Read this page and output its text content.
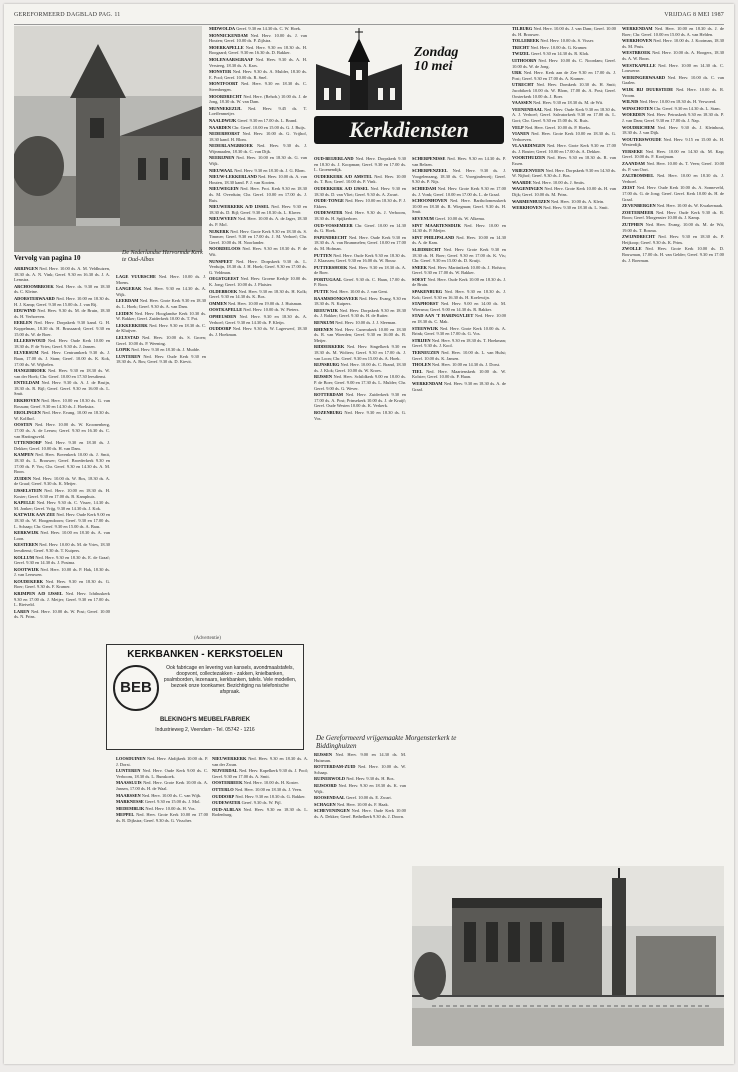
GEREFORMEERD DAGBLAD PAG. 11	VRIJDAG 8 MEI 1987
De Nederlandse Hervormde Kerk te Oud-Albas
Vervolg van pagina 10

ARRINGEN Ned. Herv. 10.00 ds. A. M. Veldhuizen, 18.30 ds. A. N. Vink; Geref. 9.30 en 16.30 ds. J. A. Lemstra.

ARCHOOMBROEK Ned. Herv. ds. 9.30 en 18.30 ds. C. Kleine.

ADORSTERWAARD Ned. Herv. 10.00 en 18.30 ds. H. J. Kamp; Geref. 9.30 en 15.00 ds. J. van Rij.

EDUWIND Ned. Herv. 9.30 ds. M. de Bruin, 18.30 ds. H. Verhoeven.

EERLEN Ned. Herv. Dorpskerk 9.30 kand. G. H. Koppelman, 18.30 ds. H. Brussaard; Geref. 9.30 en 15.00 ds. W. de Boer.

ELLERSWOUD Ned. Herv. Oude Kerk 10.00 en 18.30 ds. P. de Vries; Geref. 9.30 ds. J. Jansen.

ELVERSUM Ned. Herv. Centrumkerk 9.30 ds. J. Baan, 17.00 ds. J. Stam; Geref. 10.00 ds. K. Kok, 17.00 ds. W. Wijbelen.

HANGEBROEK Ned. Herv. 9.30 en 18.30 ds. W. van der Hoek; Chr. Geref. 10.00 en 17.30 leesdienst.

ENTELDAM Ned. Herv. 9.30 ds. A. J. de Bruijn, 18.30 ds. R. Bijl; Geref. Geref. 9.30 en 16.00 ds. L. Smit.

ERKHOVEN Ned. Herv. 10.00 en 18.30 ds. G. van Rossum; Geref. 9.30 en 14.30 ds. J. Hoekstra.

EROLINGEN Ned. Herv. Evang. 10.00 en 18.30 ds. W. Kolfhof.

OOSTEN Ned. Herv. 10.00 ds. W. Kroonenberg, 17.00 ds. A. de Leeuw; Geref. 9.30 en 16.30 ds. C. van Hartingsveld.

UTTENDORP Ned. Herv. 9.30 en 18.30 ds. J. Dekker; Geref. 10.00 ds. H. van Dam.

KAMPEN Ned. Herv. Bovenkerk 10.00 ds. J. Smit, 18.30 ds. L. Brouwer; Geref. Broederkerk 9.30 en 17.00 ds. P. Vos; Chr. Geref. 9.30 en 14.30 ds. A. M. Boon.

ZUIDEN Ned. Herv. 10.00 ds. W. Bos, 18.30 ds. A. de Graaf; Geref. 9.30 ds. K. Meijer.

IJSSELSTEIN Ned. Herv. 10.00 en 18.30 ds. H. Koster; Geref. 9.30 en 17.00 ds. B. Kamphuis.

KAPELLE Ned. Herv. 9.30 ds. C. Visser, 14.30 ds. M. Jonker; Geref. Vrijg. 9.30 en 14.30 ds. J. Kok.

KATWIJK AAN ZEE Ned. Herv. Oude Kerk 9.00 en 18.30 ds. W. Hoogendoorn; Geref. 9.30 en 17.00 ds. L. Schaap; Chr. Geref. 9.30 en 15.00 ds. A. Baas.

KERKWIJK Ned. Herv. 10.00 en 18.30 ds. A. van Loon.

KESTEREN Ned. Herv. 10.00 ds. M. de Vries, 18.30 leesdienst; Geref. 9.30 ds. T. Kuipers.

KOLLUM Ned. Herv. 9.30 en 18.30 ds. E. de Graaf; Geref. 9.30 en 14.30 ds. J. Postma.

KOOTWIJK Ned. Herv. 10.00 ds. P. Hak, 18.30 ds. J. van Leeuwen.

KOUDEKERK Ned. Herv. 9.30 en 18.30 ds. G. Boer; Geref. 9.30 ds. F. Kramer.

KRIMPEN A/D IJSSEL Ned. Herv. Ichthuskerk 9.30 en 17.00 ds. J. Meijer; Geref. 9.30 en 17.00 ds. L. Rietveld.

LAREN Ned. Herv. 10.00 ds. W. Post; Geref. 10.00 ds. N. Prins.

LAGE VUURSCHE Ned. Herv. 10.00 ds. J. Moens.

LANGERAK Ned. Herv. 9.30 en 14.30 ds. A. Wijk.

LEERDAM Ned. Herv. Grote Kerk 9.30 en 18.30 ds. L. Hoek; Geref. 9.30 ds. A. van Dam.

LEIDEN Ned. Herv. Hooglandse Kerk 10.30 ds. W. Bakker; Geref. Zuiderkerk 10.00 ds. T. Pot.

LEKKERKERK Ned. Herv. 9.30 en 18.30 ds. C. de Kluijver.

LELYSTAD Ned. Herv. 10.00 ds. S. Groen; Geref. 10.00 ds. P. Weening.

LOPIK Ned. Herv. 9.30 en 18.30 ds. J. Mudde.

LUNTEREN Ned. Herv. Oude Kerk 9.30 en 18.30 ds. A. Bos; Geref. 9.30 ds. D. Kievit.

MIDWOLDA Geref. 9.30 en 14.30 ds. C. W. Hoek.

MONNICKENDAM Ned. Herv. 10.00 ds. J. van Houten; Geref. 10.00 ds. P. Zijlstra.

MOERKAPELLE Ned. Herv. 9.30 en 18.30 ds. H. Boogaard; Geref. 9.30 en 16.30 ds. D. Bakker.

MOLENAARSGRAAF Ned. Herv. 9.30 ds. A. H. Versteeg, 18.30 ds. A. Kars.

MONSTER Ned. Herv. 9.30 ds. A. Mulder, 18.30 ds. E. Pool; Geref. 10.00 ds. R. Snel.

MONTFOORT Ned. Herv. 9.30 en 18.30 ds. C. Steenbergen.

MOORDRECHT Ned. Herv. (Rehob.) 10.00 ds. J. de Jong, 18.30 ds. W. van Dam.

MUNNEKEZIJL Ned. Herv. 9.45 ds. T. Loeffenmeijer.

NAALDWIJK Geref. 9.30 en 17.00 ds. L. Brand.

NAARDEN Chr. Geref. 10.00 en 15.00 ds. G. J. Buijs.

NEDERHORST Ned. Herv. 10.00 ds. G. Vrijhof, 18.30 kand. H. Blom.

NEDERLANGBROEK Ned. Herv. 9.30 ds. J. Wijnmaalen, 18.30 ds. C. van Dijk.

NEERIJNEN Ned. Herv. 10.00 en 18.30 ds. G. van Wijk.

NIEUWAAL Ned. Herv. 9.30 en 18.30 ds. J. G. Blom.

NIEUW-LEKKERLAND Ned. Herv. 10.00 ds. A. van Houten, 18.30 kand. P. J. van Kooten.

NIEUWEGEIN Ned. Herv. Prot. Kerk 9.30 en 18.30 ds. M. Overduin; Chr. Geref. 10.00 en 17.00 ds. J. Ruis.

NIEUWERKERK A/D IJSSEL Ned. Herv. 9.30 en 18.30 ds. D. Bijl; Geref. 9.30 en 18.30 ds. L. Klaver.

NIEUWVEEN Ned. Herv. 10.00 ds. A. de Jager, 18.30 ds. P. Mol.

NIJKERK Ned. Herv. Grote Kerk 9.30 en 18.30 ds. S. Timmer; Geref. 9.30 en 17.00 ds. J. M. Verhoef; Chr. Geref. 10.00 ds. H. Noorlander.

NOORDELOOS Ned. Herv. 9.30 en 18.30 ds. P. de Wit.

NUNSPEET Ned. Herv. Dorpskerk 9.30 ds. L. Verduijn, 18.30 ds. J. H. Hoek; Geref. 9.30 en 17.00 ds. G. Veldman.

OEGSTGEEST Ned. Herv. Groene Kerkje 10.00 ds. K. Jong; Geref. 10.00 ds. J. Plaisier.

OLDEBROEK Ned. Herv. 9.30 en 18.30 ds. H. Kolk; Geref. 9.30 en 14.30 ds. K. Bos.

OMMEN Ned. Herv. 10.00 en 19.00 ds. J. Huisman.

OOSTKAPELLE Ned. Herv. 10.00 ds. W. Pieters.

OPHEUSDEN Ned. Herv. 9.30 en 18.30 ds. A. Verhoef; Geref. 9.30 en 14.30 ds. P. Kleijn.

OUDDORP Ned. Herv. 9.30 ds. W. Lagerwerf, 18.30 ds. J. Hoekman.

Zondag
10 mei
Kerkdiensten

OUD-BEIJERLAND Ned. Herv. Dorpskerk 9.30 en 18.30 ds. J. Koopman; Geref. 9.30 en 17.00 ds. L. Groenendijk.

OUDERKERK A/D AMSTEL Ned. Herv. 10.00 ds. T. Bos; Geref. 10.00 ds. P. Vink.

OUDERKERK A/D IJSSEL Ned. Herv. 9.30 en 18.30 ds. D. van Vliet; Geref. 9.30 ds. A. Zwart.

OUDE-TONGE Ned. Herv. 10.00 en 18.30 ds. P. J. Ekkers.

OUDEWATER Ned. Herv. 9.30 ds. J. Verboom, 18.30 ds. H. Spijkerboer.

OUD-VOSSEMEER Chr. Geref. 10.00 en 14.30 ds. G. Hoek.

PAPENDRECHT Ned. Herv. Oude Kerk 9.30 en 18.30 ds. A. van Brummelen; Geref. 10.00 en 17.00 ds. M. Hofman.

PUTTEN Ned. Herv. Oude Kerk 9.30 en 18.30 ds. J. Klaassen; Geref. 9.30 en 16.00 ds. W. Bouw.

PUTTERSHOEK Ned. Herv. 9.30 en 18.30 ds. A. de Boer.

PORTUGAAL Geref. 9.30 ds. C. Haan, 17.00 ds. P. Roos.

PUTTE Ned. Herv. 10.00 ds. J. van Gent.

RAAMSDONKSVEER Ned. Herv. Evang. 9.30 en 18.30 ds. N. Kuipers.

REEUWIJK Ned. Herv. Dorpskerk 9.30 en 18.30 ds. J. Bakker; Geref. 9.30 ds. H. de Ruiter.

RENKUM Ned. Herv. 10.00 ds. J. J. Sleeman.

RHENEN Ned. Herv. Cunerakerk 10.00 en 18.30 ds. R. van Woerden; Geref. 9.30 en 16.00 ds. B. Meijer.

RIDDERKERK Ned. Herv. Singelkerk 9.30 en 18.30 ds. M. Wolters; Geref. 9.30 en 17.00 ds. J. van Loon; Chr. Geref. 9.30 en 15.00 ds. A. Hoek.

RIJNSBURG Ned. Herv. 10.00 ds. C. Brand, 18.30 ds. J. Klok; Geref. 10.00 ds. W. Kroes.

RIJSSEN Ned. Herv. Schildkerk 9.00 en 18.00 ds. P. de Boer; Geref. 9.00 en 17.30 ds. L. Mulder; Chr. Geref. 9.00 ds. G. Wever.

ROTTERDAM Ned. Herv. Zuiderkerk 9.30 en 17.00 ds. A. Post; Prinsekerk 10.00 ds. J. de Kruijf; Geref. Oude Westen 10.00 ds. K. Verkerk.

ROZENBURG Ned. Herv. 9.30 en 18.30 ds. G. Vos.

SCHERPENISSE Ned. Herv. 9.30 en 14.30 ds. P. van Belzen.

SCHERPENZEEL Ned. Herv. 9.30 ds. J. Voogelenzang, 18.30 ds. C. Vroegindeweij; Geref. 9.30 ds. P. Nijs.

SCHIEDAM Ned. Herv. Grote Kerk 9.30 en 17.00 ds. J. Vonk; Geref. 10.00 en 17.00 ds. L. de Graaf.

SCHOONHOVEN Ned. Herv. Bartholomeuskerk 10.00 en 18.30 ds. R. Wiegman; Geref. 9.30 ds. H. Smit.

SEVENUM Geref. 10.00 ds. W. Alkema.

SINT MAARTENSDIJK Ned. Herv. 10.00 en 14.30 ds. P. Meijer.

SINT PHILIPSLAND Ned. Herv. 10.00 en 14.30 ds. A. de Kam.

SLIEDRECHT Ned. Herv. Grote Kerk 9.30 en 18.30 ds. H. Boer; Geref. 9.30 en 17.00 ds. K. Vis; Chr. Geref. 9.30 en 15.00 ds. D. Kruijt.

SNEEK Ned. Herv. Martinikerk 10.00 ds. J. Hofstra; Geref. 9.30 en 17.00 ds. W. Bakker.

SOEST Ned. Herv. Oude Kerk 10.00 en 18.30 ds. J. de Bruin.

SPAKENBURG Ned. Herv. 9.30 en 18.30 ds. J. Kok; Geref. 9.30 en 16.30 ds. H. Koelewijn.

STAPHORST Ned. Herv. 9.00 en 14.00 ds. M. Wiersma; Geref. 9.00 en 14.30 ds. R. Bakker.

STAD AAN 'T HARINGVLIET Ned. Herv. 10.00 en 18.30 ds. C. Mak.

STEENWIJK Ned. Herv. Grote Kerk 10.00 ds. A. Brink; Geref. 9.30 en 17.00 ds. G. Vos.

STRIJEN Ned. Herv. 9.30 en 18.30 ds. T. Hoekman; Geref. 9.30 ds. J. Kool.

TERNEUZEN Ned. Herv. 10.00 ds. L. van Hulst; Geref. 10.00 ds. K. Jansen.

THOLEN Ned. Herv. 10.00 en 14.30 ds. J. Dorst.

TIEL Ned. Herv. Maartenskerk 10.00 ds. W. Kolster; Geref. 10.00 ds. P. Haan.

WERKENDAM Ned. Herv. 9.30 en 18.30 ds. A. de Graaf.

TILBURG Ned. Herv. 10.00 ds. J. van Dam; Geref. 10.00 ds. H. Brouwer.

TOLLEBEEK Ned. Herv. 10.00 ds. S. Visser.

TRICHT Ned. Herv. 10.00 ds. G. Kramer.

TWIZEL Geref. 9.30 en 14.30 ds. R. Klok.

UITHOORN Ned. Herv. 10.00 ds. C. Noordam; Geref. 10.00 ds. W. de Jong.

URK Ned. Herv. Kerk aan de Zee 9.30 en 17.00 ds. J. Post; Geref. 9.30 en 17.00 ds. A. Kramer.

UTRECHT Ned. Herv. Domkerk 10.30 ds. H. Smit; Jacobikerk 10.00 ds. W. Blom, 17.00 ds. A. Post; Geref. Oosterkerk 10.00 ds. J. Boer.

VAASSEN Ned. Herv. 9.30 en 18.30 ds. M. de Wit.

VEENENDAAL Ned. Herv. Oude Kerk 9.30 en 18.30 ds. A. J. Verhoef; Geref. Salvatorkerk 9.30 en 17.00 ds. L. Gort; Chr. Geref. 9.30 en 15.00 ds. K. Ruis.

VELP Ned. Herv. Geref. 10.00 ds. P. Hoeks.

VIANEN Ned. Herv. Grote Kerk 10.00 en 18.30 ds. G. Verhoeven.

VLAARDINGEN Ned. Herv. Grote Kerk 9.30 en 17.00 ds. J. Bouter; Geref. 10.00 en 17.00 ds. A. Dekker.

VOORTHUIZEN Ned. Herv. 9.30 en 18.30 ds. R. van Essen.

VRIEZENVEEN Ned. Herv. Dorpskerk 9.30 en 14.30 ds. W. Nijhof; Geref. 9.30 ds. J. Bos.

WAARDE Ned. Herv. 10.00 ds. J. Smits.

WAGENINGEN Ned. Herv. Grote Kerk 10.00 ds. H. van Dijk; Geref. 10.00 ds. M. Prins.

WARMENHUIZEN Ned. Herv. 10.00 ds. A. Klein.

WERKHOVEN Ned. Herv. 9.30 en 18.30 ds. L. Smit.

WERKENDAM Ned. Herv. 10.00 en 18.30 ds. J. de Boer; Chr. Geref. 10.00 en 15.00 ds. A. van Helden.

WERKHOVEN Ned. Herv. 10.00 ds. J. Kooiman, 18.30 ds. M. Pruis.

WESTBROEK Ned. Herv. 10.00 ds. A. Hoogers, 18.30 ds. A. W. Boon.

WESTKAPELLE Ned. Herv. 10.00 en 14.30 ds. C. Louwerse.

WIERINGERWAARD Ned. Herv. 10.00 ds. C. van Gaalen.

WIJK BIJ DUURSTEDE Ned. Herv. 10.00 ds. R. Vroom.

WILNIS Ned. Herv. 10.00 en 18.30 ds. H. Verwoerd.

WINSCHOTEN Chr. Geref. 9.30 en 14.30 ds. L. Stam.

WOERDEN Ned. Herv. Petruskerk 9.30 en 18.30 ds. P. J. van Dam; Geref. 9.30 en 17.00 ds. J. Nap.

WOUDRICHEM Ned. Herv. 9.30 ds. J. Kleinhout, 18.30 ds. J. van Dijk.

WOUTERSWOUDE Ned. Herv. 9.15 en 15.00 ds. H. Westerdijk.

YERSEKE Ned. Herv. 10.00 en 14.30 ds. M. Kap; Geref. 10.00 ds. F. Kooijman.

ZAANDAM Ned. Herv. 10.00 ds. T. Veen; Geref. 10.00 ds. P. van Oort.

ZALTBOMMEL Ned. Herv. 10.00 en 18.30 ds. J. Verhoef.

ZEIST Ned. Herv. Oude Kerk 10.00 ds. A. Sonneveld, 17.00 ds. G. de Jong; Geref. Geref. Kerk 10.00 ds. H. de Graaf.

ZEVENBERGEN Ned. Herv. 10.00 ds. W. Kwakernaak.

ZOETERMEER Ned. Herv. Oude Kerk 9.30 ds. R. Boon; Geref. Morgenster 10.00 ds. J. Kamp.

ZUTPHEN Ned. Herv. Evang. 10.00 ds. M. de Wit, 19.00 ds. T. Bosma.

ZWIJNDRECHT Ned. Herv. 9.30 en 18.30 ds. P. Heijkoop; Geref. 9.30 ds. K. Prins.

ZWOLLE Ned. Herv. Grote Kerk 10.00 ds. D. Bouwman, 17.00 ds. H. van Gelder; Geref. 9.30 en 17.00 ds. J. Boerman.

(Advertentie)
KERKBANKEN - KERKSTOELEN
BEB
Ook fabricage en levering van kansels, avondmaalstafels, doopvont, collectezakken - zakken, knielbanken, psalmborden, lezenaars, kerkbanken, tafels. Vele modellen, bezoek onze toonkamer. Bezichtiging na telefonische afspraak.
BLEKINGH'S MEUBELFABRIEK
Industrieweg 2, Veendam - Tel. 05742 - 1216

LOOSDUINEN Ned. Herv. Abdijkerk 10.00 ds. P. J. Dorst.

LUNTEREN Ned. Herv. Oude Kerk 9.00 ds. C. Verboom, 18.30 ds. L. Bunskoek.

MAASSLUIS Ned. Herv. Grote Kerk 10.00 ds. A. Jansen, 17.00 ds. H. de Waal.

MAARSSEN Ned. Herv. 10.00 ds. C. van Wijk.

MARKNESSE Geref. 9.30 en 15.00 ds. J. Mol.

MEDEMBLIK Ned. Herv. 10.00 ds. H. Vos.

MEPPEL Ned. Herv. Grote Kerk 10.00 en 17.00 ds. R. Dijkstra; Geref. 9.30 ds. G. Visscher.

NIEUWERKERK Ned. Herv. 9.30 en 18.30 ds. A. van der Zwan.

NIJVERDAL Ned. Herv. Kapelkerk 9.30 ds. J. Pool; Geref. 9.30 en 17.00 ds. A. Smit.

OOSTERBEEK Ned. Herv. 10.00 ds. H. Koster.

OTTERLO Ned. Herv. 10.00 en 18.30 ds. J. Veen.

OUDDORP Ned. Herv. 9.30 en 18.30 ds. G. Bakker.

OUDEWATER Geref. 9.30 ds. W. Pijl.

OUD-ALBLAS Ned. Herv. 9.30 en 18.30 ds. L. Rodenburg.

RIJSSEN Ned. Herv. 9.00 en 14.30 ds. M. Huisman.

ROTTERDAM-ZUID Ned. Herv. 10.00 ds. W. Schaap.

RUINERWOLD Ned. Herv. 9.30 ds. H. Bos.

RIJSOORD Ned. Herv. 9.30 en 18.30 ds. K. van Wijk.

ROOSENDAAL Geref. 10.00 ds. E. Zwart.

SCHAGEN Ned. Herv. 10.00 ds. F. Haak.

SCHEVENINGEN Ned. Herv. Oude Kerk 10.00 ds. A. Dekker; Geref. Bethelkerk 9.30 ds. J. Doorn.

De Gereformeerd vrijgemaakte Morgensterkerk te Biddinghuizen
